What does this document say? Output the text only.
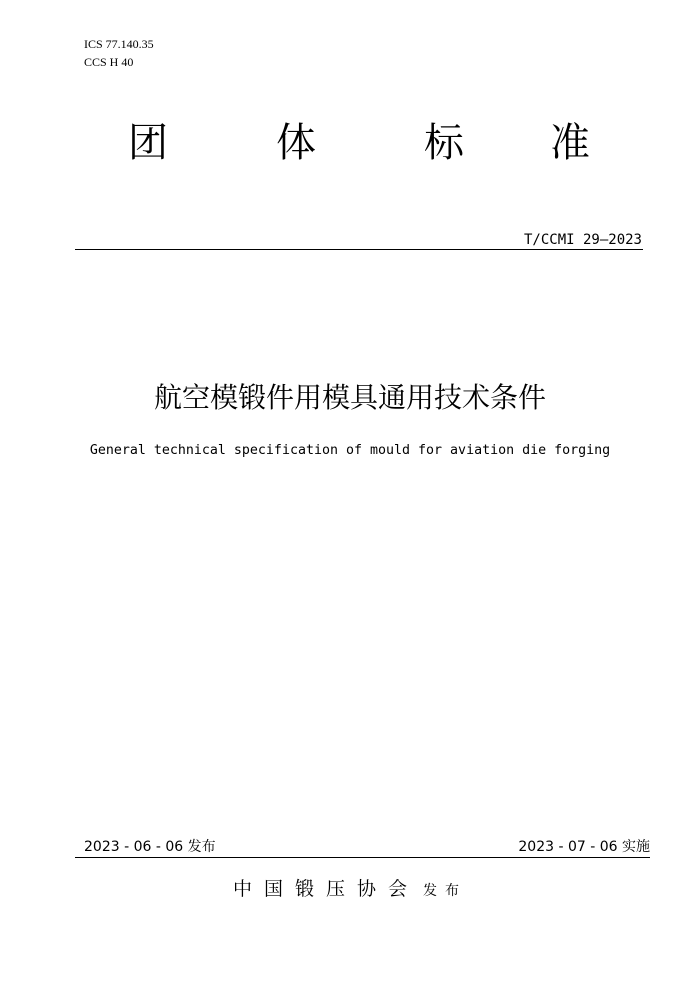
ICS 77.140.35
CCS H 40
团	体	标 准
T/CCMI 29—2023
航空模锻件用模具通用技术条件
General technical specification of mould for aviation die forging
2023 - 06 - 06 发布	2023 - 07 - 06 实施
中国锻压协会 发布
